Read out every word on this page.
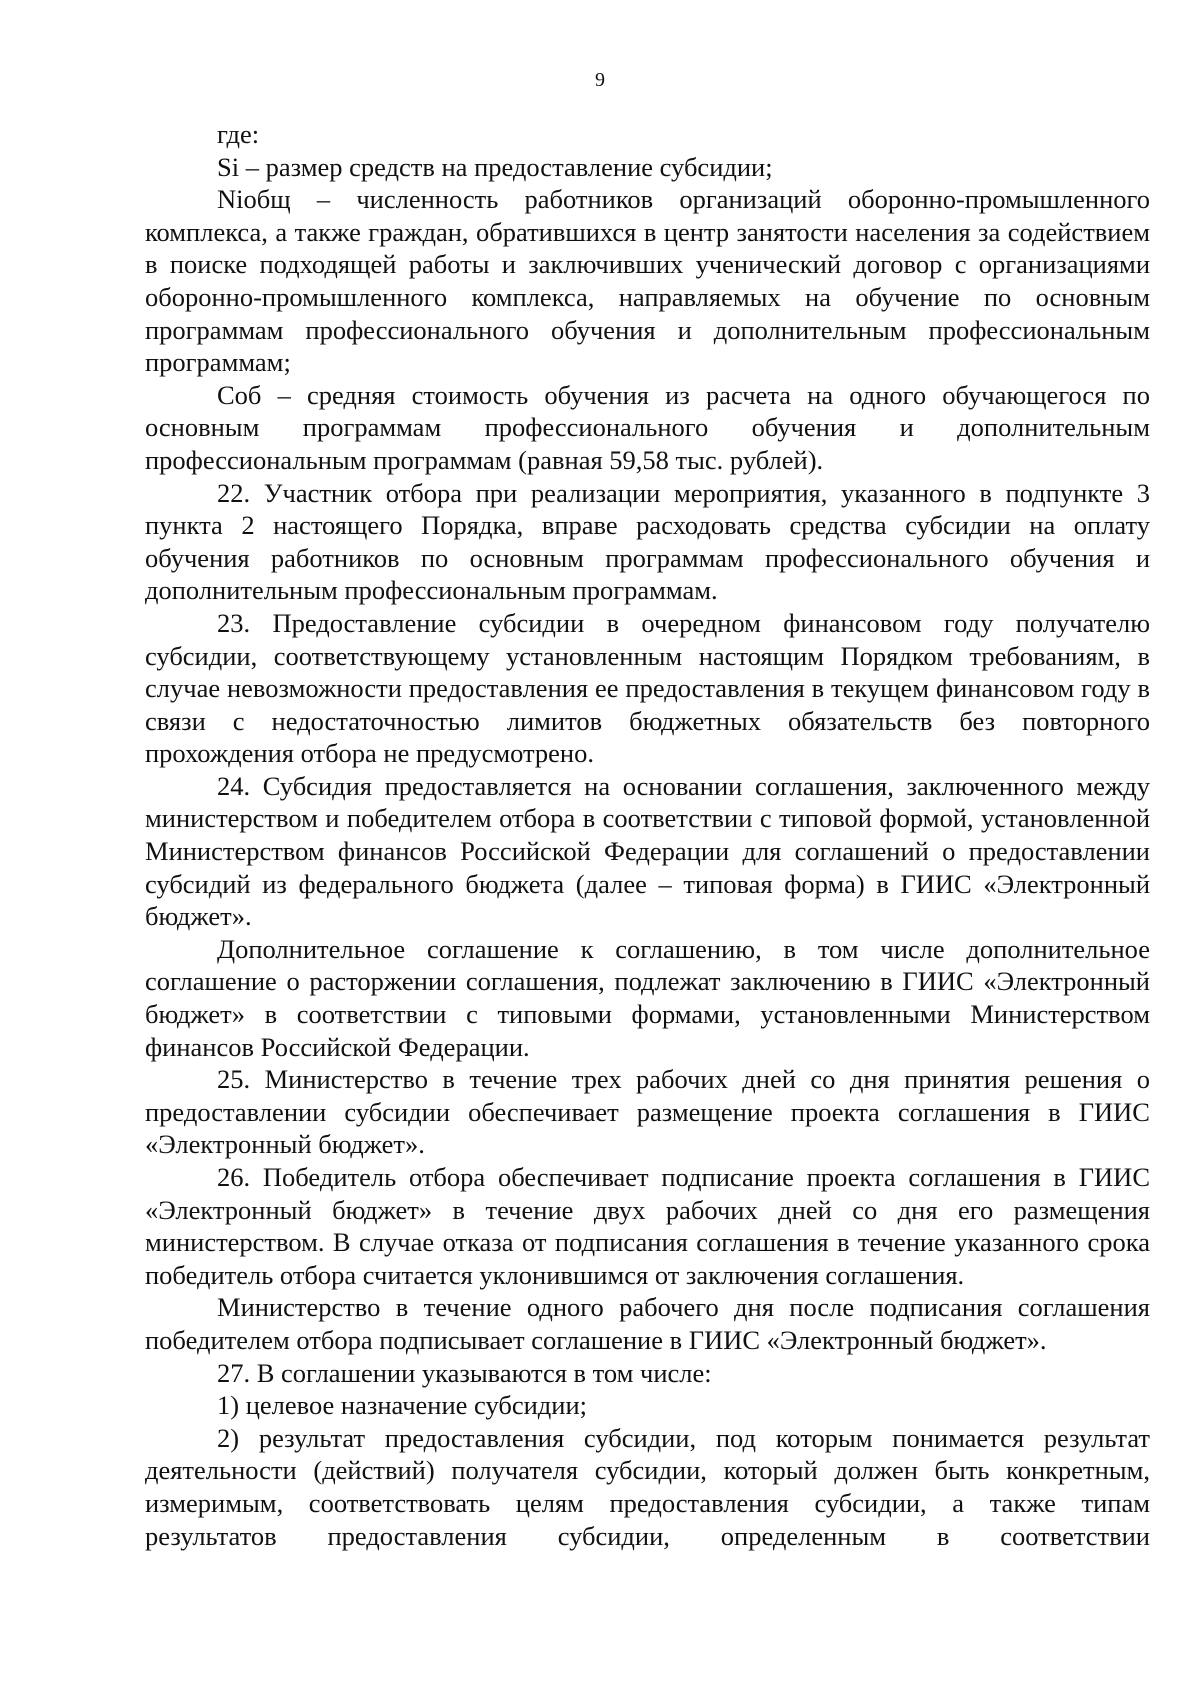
9

где:

Si – размер средств на предоставление субсидии;

Niобщ – численность работников организаций оборонно-промышленного комплекса, а также граждан, обратившихся в центр занятости населения за содействием в поиске подходящей работы и заключивших ученический договор с организациями оборонно-промышленного комплекса, направляемых на обучение по основным программам профессионального обучения и дополнительным профессиональным программам;

Соб – средняя стоимость обучения из расчета на одного обучающегося по основным программам профессионального обучения и дополнительным профессиональным программам (равная 59,58 тыс. рублей).

22. Участник отбора при реализации мероприятия, указанного в подпункте 3 пункта 2 настоящего Порядка, вправе расходовать средства субсидии на оплату обучения работников по основным программам профессионального обучения и дополнительным профессиональным программам.

23. Предоставление субсидии в очередном финансовом году получателю субсидии, соответствующему установленным настоящим Порядком требованиям, в случае невозможности предоставления ее предоставления в текущем финансовом году в связи с недостаточностью лимитов бюджетных обязательств без повторного прохождения отбора не предусмотрено.

24. Субсидия предоставляется на основании соглашения, заключенного между министерством и победителем отбора в соответствии с типовой формой, установленной Министерством финансов Российской Федерации для соглашений о предоставлении субсидий из федерального бюджета (далее – типовая форма) в ГИИС «Электронный бюджет».

Дополнительное соглашение к соглашению, в том числе дополнительное соглашение о расторжении соглашения, подлежат заключению в ГИИС «Электронный бюджет» в соответствии с типовыми формами, установленными Министерством финансов Российской Федерации.

25. Министерство в течение трех рабочих дней со дня принятия решения о предоставлении субсидии обеспечивает размещение проекта соглашения в ГИИС «Электронный бюджет».

26. Победитель отбора обеспечивает подписание проекта соглашения в ГИИС «Электронный бюджет» в течение двух рабочих дней со дня его размещения министерством. В случае отказа от подписания соглашения в течение указанного срока победитель отбора считается уклонившимся от заключения соглашения.

Министерство в течение одного рабочего дня после подписания соглашения победителем отбора подписывает соглашение в ГИИС «Электронный бюджет».

27. В соглашении указываются в том числе:

1) целевое назначение субсидии;

2) результат предоставления субсидии, под которым понимается результат деятельности (действий) получателя субсидии, который должен быть конкретным, измеримым, соответствовать целям предоставления субсидии, а также типам результатов предоставления субсидии, определенным в соответствии
